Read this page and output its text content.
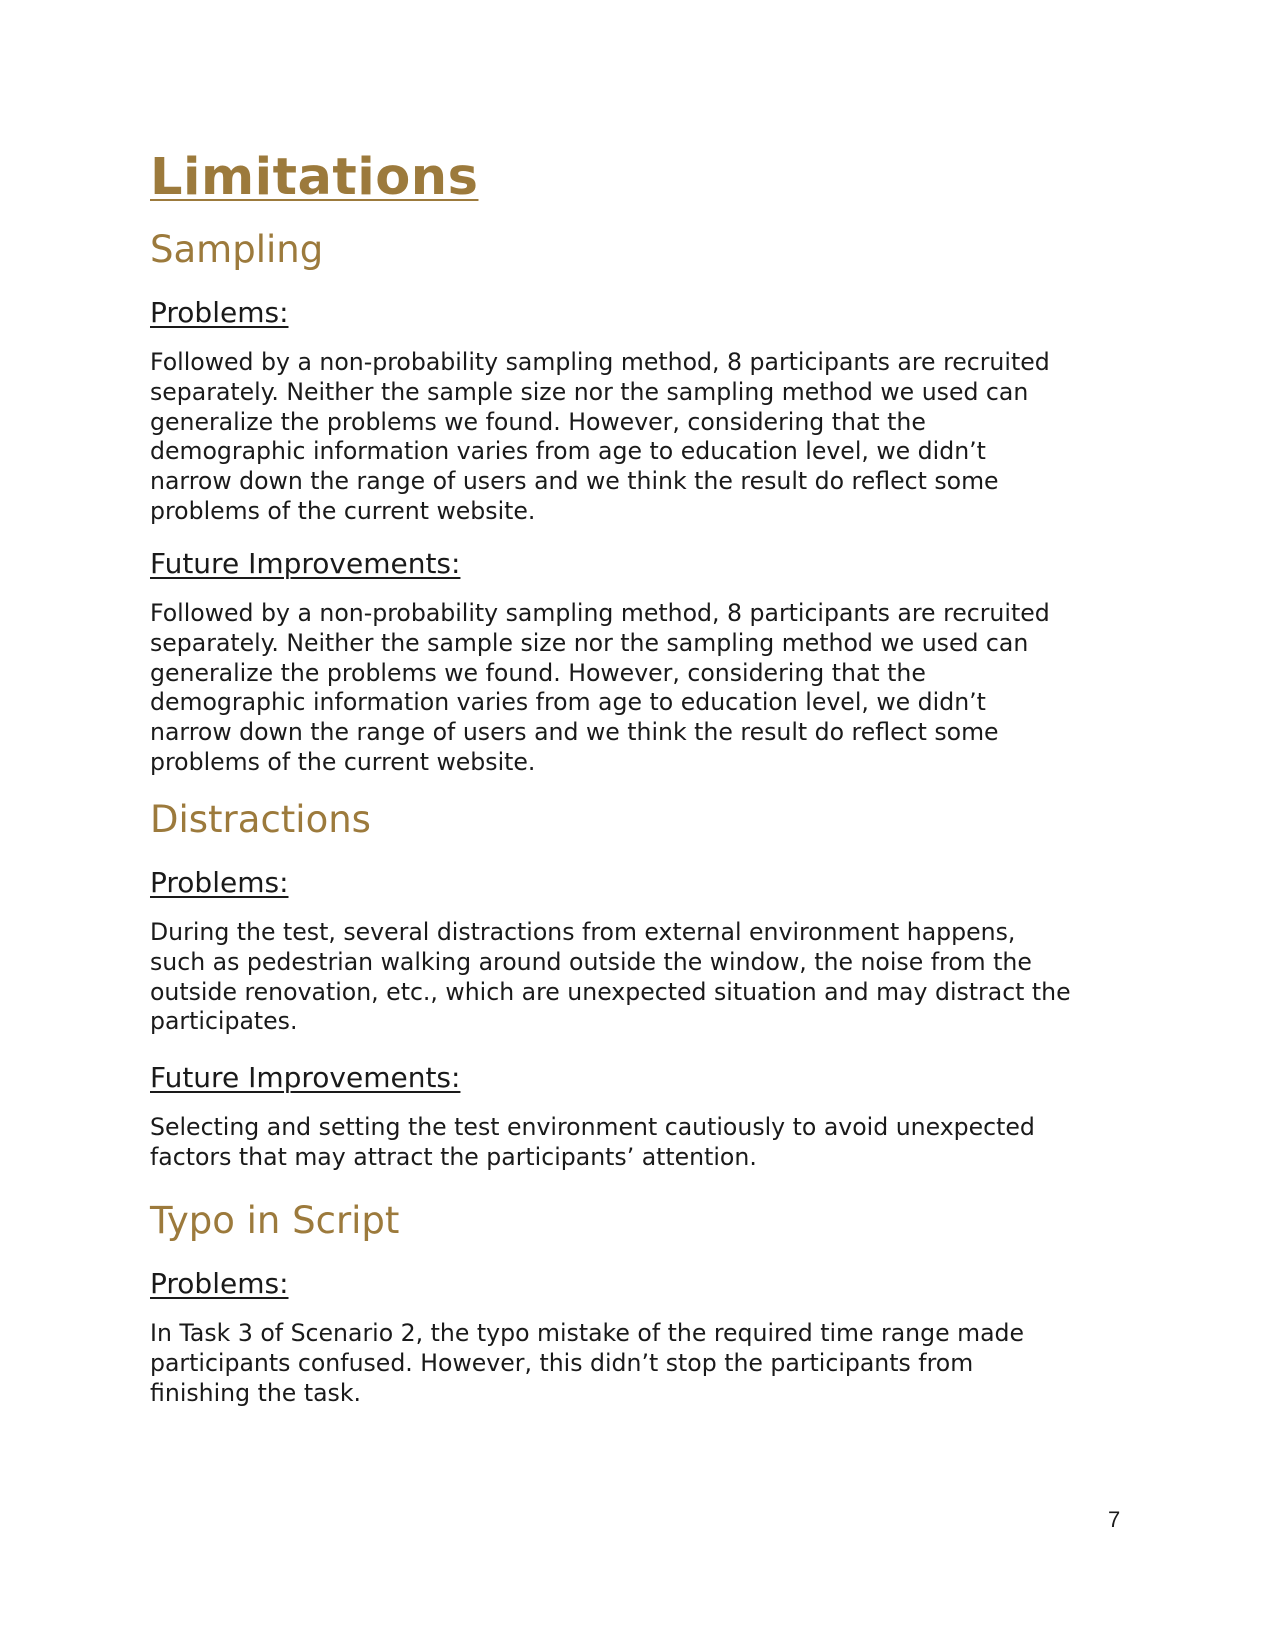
Limitations
Sampling
Problems:

Followed by a non-probability sampling method, 8 participants are recruited
separately. Neither the sample size nor the sampling method we used can
generalize the problems we found. However, considering that the
demographic information varies from age to education level, we didn’t
narrow down the range of users and we think the result do reflect some
problems of the current website.

Future Improvements:

Followed by a non-probability sampling method, 8 participants are recruited
separately. Neither the sample size nor the sampling method we used can
generalize the problems we found. However, considering that the
demographic information varies from age to education level, we didn’t
narrow down the range of users and we think the result do reflect some
problems of the current website.

Distractions
Problems:

During the test, several distractions from external environment happens,
such as pedestrian walking around outside the window, the noise from the
outside renovation, etc., which are unexpected situation and may distract the
participates.

Future Improvements:

Selecting and setting the test environment cautiously to avoid unexpected
factors that may attract the participants’ attention.

Typo in Script
Problems:

In Task 3 of Scenario 2, the typo mistake of the required time range made
participants confused. However, this didn’t stop the participants from
finishing the task.

7
